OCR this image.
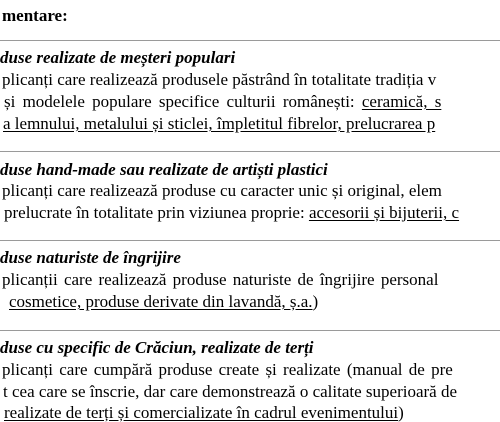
mentare:
duse realizate de meșteri populari
plicanți care realizează produsele păstrând în totalitate tradiția v
și modelele populare specifice culturii românești: ceramică, s
a lemnului, metalului și sticlei, împletitul fibrelor, prelucrarea p
duse hand-made sau realizate de artiști plastici
plicanți care realizează produse cu caracter unic și original, elem
prelucrate în totalitate prin viziunea proprie: accesorii și bijuterii, c
duse naturiste de îngrijire
plicanții care realizează produse naturiste de îngrijire personal
cosmetice, produse derivate din lavandă, ș.a.)
duse cu specific de Crăciun, realizate de terți
plicanți care cumpără produse create și realizate (manual de pre
t cea care se înscrie, dar care demonstrează o calitate superioară de
realizate de terți și comercializate în cadrul evenimentului)
